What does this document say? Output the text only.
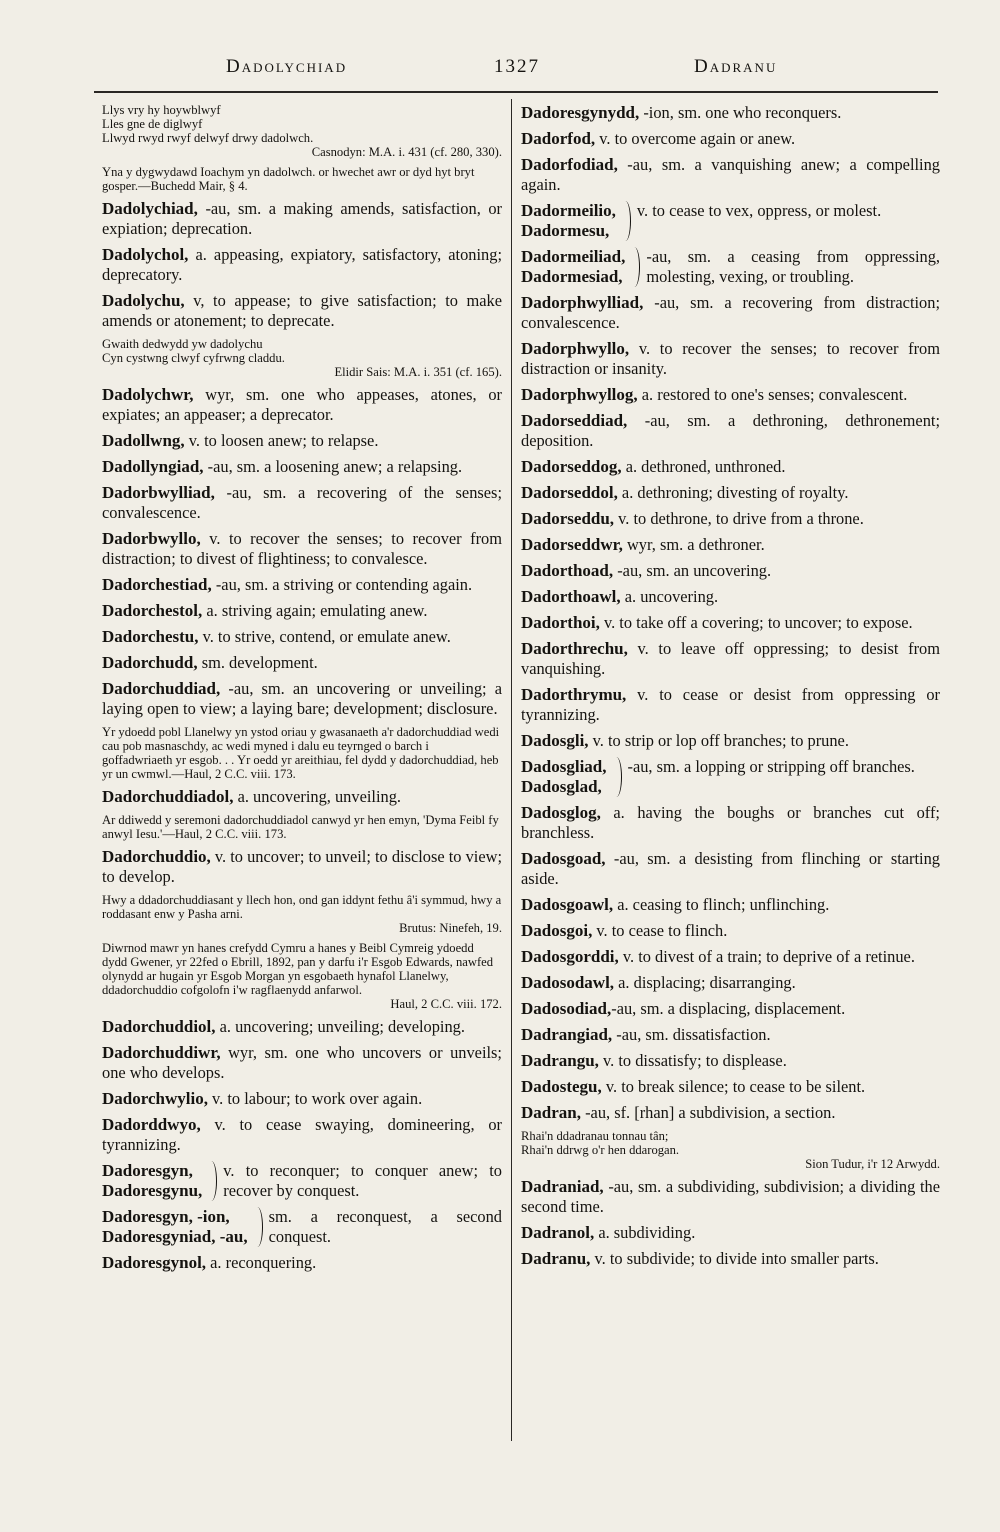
Dadolychiad	1327	Dadranu
Llys vry hy hoywblwyf
Lles gne de diglwyf
Llwyd rwyd rwyf delwyf drwy dadolwch.
Casnodyn: M.A. i. 431 (cf. 280, 330).
Yna y dygwydawd Ioachym yn dadolwch. or hwechet awr or dyd hyt bryt gosper.—Buchedd Mair, § 4.

Dadolychiad, -au, sm. a making amends, satisfaction, or expiation; deprecation.

Dadolychol, a. appeasing, expiatory, satisfactory, atoning; deprecatory.

Dadolychu, v, to appease; to give satisfaction; to make amends or atonement; to deprecate.

Gwaith dedwydd yw dadolychu
Cyn cystwng clwyf cyfrwng claddu.
Elidir Sais: M.A. i. 351 (cf. 165).

Dadolychwr, wyr, sm. one who appeases, atones, or expiates; an appeaser; a deprecator.

Dadollwng, v. to loosen anew; to relapse.

Dadollyngiad, -au, sm. a loosening anew; a relapsing.

Dadorbwylliad, -au, sm. a recovering of the senses; convalescence.

Dadorbwyllo, v. to recover the senses; to recover from distraction; to divest of flightiness; to convalesce.

Dadorchestiad, -au, sm. a striving or contending again.

Dadorchestol, a. striving again; emulating anew.

Dadorchestu, v. to strive, contend, or emulate anew.

Dadorchudd, sm. development.

Dadorchuddiad, -au, sm. an uncovering or unveiling; a laying open to view; a laying bare; development; disclosure.

Yr ydoedd pobl Llanelwy yn ystod oriau y gwasanaeth a'r dadorchuddiad wedi cau pob masnaschdy, ac wedi myned i dalu eu teyrnged o barch i goffadwriaeth yr esgob. . . Yr oedd yr areithiau, fel dydd y dadorchuddiad, heb yr un cwmwl.—Haul, 2 C.C. viii. 173.

Dadorchuddiadol, a. uncovering, unveiling.

Ar ddiwedd y seremoni dadorchuddiadol canwyd yr hen emyn, 'Dyma Feibl fy anwyl Iesu.'—Haul, 2 C.C. viii. 173.

Dadorchuddio, v. to uncover; to unveil; to disclose to view; to develop.

Hwy a ddadorchuddiasant y llech hon, ond gan iddynt fethu â'i symmud, hwy a roddasant enw y Pasha arni.
Brutus: Ninefeh, 19.
Diwrnod mawr yn hanes crefydd Cymru a hanes y Beibl Cymreig ydoedd dydd Gwener, yr 22fed o Ebrill, 1892, pan y darfu i'r Esgob Edwards, nawfed olynydd ar hugain yr Esgob Morgan yn esgobaeth hynafol Llanelwy, ddadorchuddio cofgolofn i'w ragflaenydd anfarwol.
Haul, 2 C.C. viii. 172.

Dadorchuddiol, a. uncovering; unveiling; developing.

Dadorchuddiwr, wyr, sm. one who uncovers or unveils; one who develops.

Dadorchwylio, v. to labour; to work over again.

Dadorddwyo, v. to cease swaying, domineering, or tyrannizing.

Dadoresgyn,
Dadoresgynu,
v. to reconquer; to conquer anew; to recover by conquest.
Dadoresgyn, -ion,
Dadoresgyniad, -au,
sm. a reconquest, a second conquest.

Dadoresgynol, a. reconquering.

Dadoresgynydd, -ion, sm. one who reconquers.

Dadorfod, v. to overcome again or anew.

Dadorfodiad, -au, sm. a vanquishing anew; a compelling again.

Dadormeilio,
Dadormesu,
v. to cease to vex, oppress, or molest.
Dadormeiliad,
Dadormesiad,
-au, sm. a ceasing from oppressing, molesting, vexing, or troubling.

Dadorphwylliad, -au, sm. a recovering from distraction; convalescence.

Dadorphwyllo, v. to recover the senses; to recover from distraction or insanity.

Dadorphwyllog, a. restored to one's senses; convalescent.

Dadorseddiad, -au, sm. a dethroning, dethronement; deposition.

Dadorseddog, a. dethroned, unthroned.

Dadorseddol, a. dethroning; divesting of royalty.

Dadorseddu, v. to dethrone, to drive from a throne.

Dadorseddwr, wyr, sm. a dethroner.

Dadorthoad, -au, sm. an uncovering.

Dadorthoawl, a. uncovering.

Dadorthoi, v. to take off a covering; to uncover; to expose.

Dadorthrechu, v. to leave off oppressing; to desist from vanquishing.

Dadorthrymu, v. to cease or desist from oppressing or tyrannizing.

Dadosgli, v. to strip or lop off branches; to prune.

Dadosgliad,
Dadosglad,
-au, sm. a lopping or stripping off branches.

Dadosglog, a. having the boughs or branches cut off; branchless.

Dadosgoad, -au, sm. a desisting from flinching or starting aside.

Dadosgoawl, a. ceasing to flinch; unflinching.

Dadosgoi, v. to cease to flinch.

Dadosgorddi, v. to divest of a train; to deprive of a retinue.

Dadosodawl, a. displacing; disarranging.

Dadosodiad,-au, sm. a displacing, displacement.

Dadrangiad, -au, sm. dissatisfaction.

Dadrangu, v. to dissatisfy; to displease.

Dadostegu, v. to break silence; to cease to be silent.

Dadran, -au, sf. [rhan] a subdivision, a section.

Rhai'n ddadranau tonnau tân;
Rhai'n ddrwg o'r hen ddarogan.
Sion Tudur, i'r 12 Arwydd.

Dadraniad, -au, sm. a subdividing, subdivision; a dividing the second time.

Dadranol, a. subdividing.

Dadranu, v. to subdivide; to divide into smaller parts.
